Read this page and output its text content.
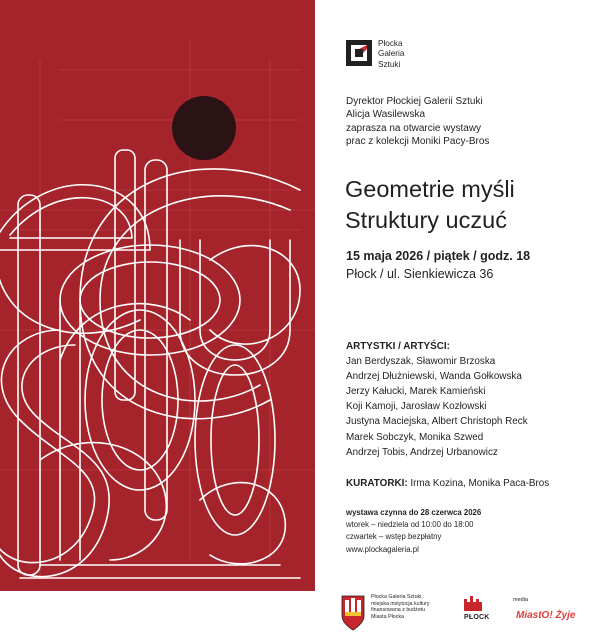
Płocka
Galeria
Sztuki
Dyrektor Płockiej Galerii Sztuki
Alicja Wasilewska
zaprasza na otwarcie wystawy
prac z kolekcji Moniki Pacy-Bros
Geometrie myśli
Struktury uczuć
15 maja 2026 / piątek / godz. 18
Płock / ul. Sienkiewicza 36
ARTYSTKI / ARTYŚCI:
Jan Berdyszak, Sławomir Brzoska
Andrzej Dłużniewski, Wanda Gołkowska
Jerzy Kałucki, Marek Kamieński
Koji Kamoji, Jarosław Kozłowski
Justyna Maciejska, Albert Christoph Reck
Marek Sobczyk, Monika Szwed
Andrzej Tobis, Andrzej Urbanowicz
KURATORKI: Irma Kozina, Monika Paca-Bros
wystawa czynna do 28 czerwca 2026
wtorek – niedziela od 10:00 do 18:00
czwartek – wstęp bezpłatny
www.plockagaleria.pl
Płocka Galeria Sztuki,
miejska instytucja kultury
finansowana z budżetu
Miasta Płocka	PŁOCK
media
MiastO! Żyje
